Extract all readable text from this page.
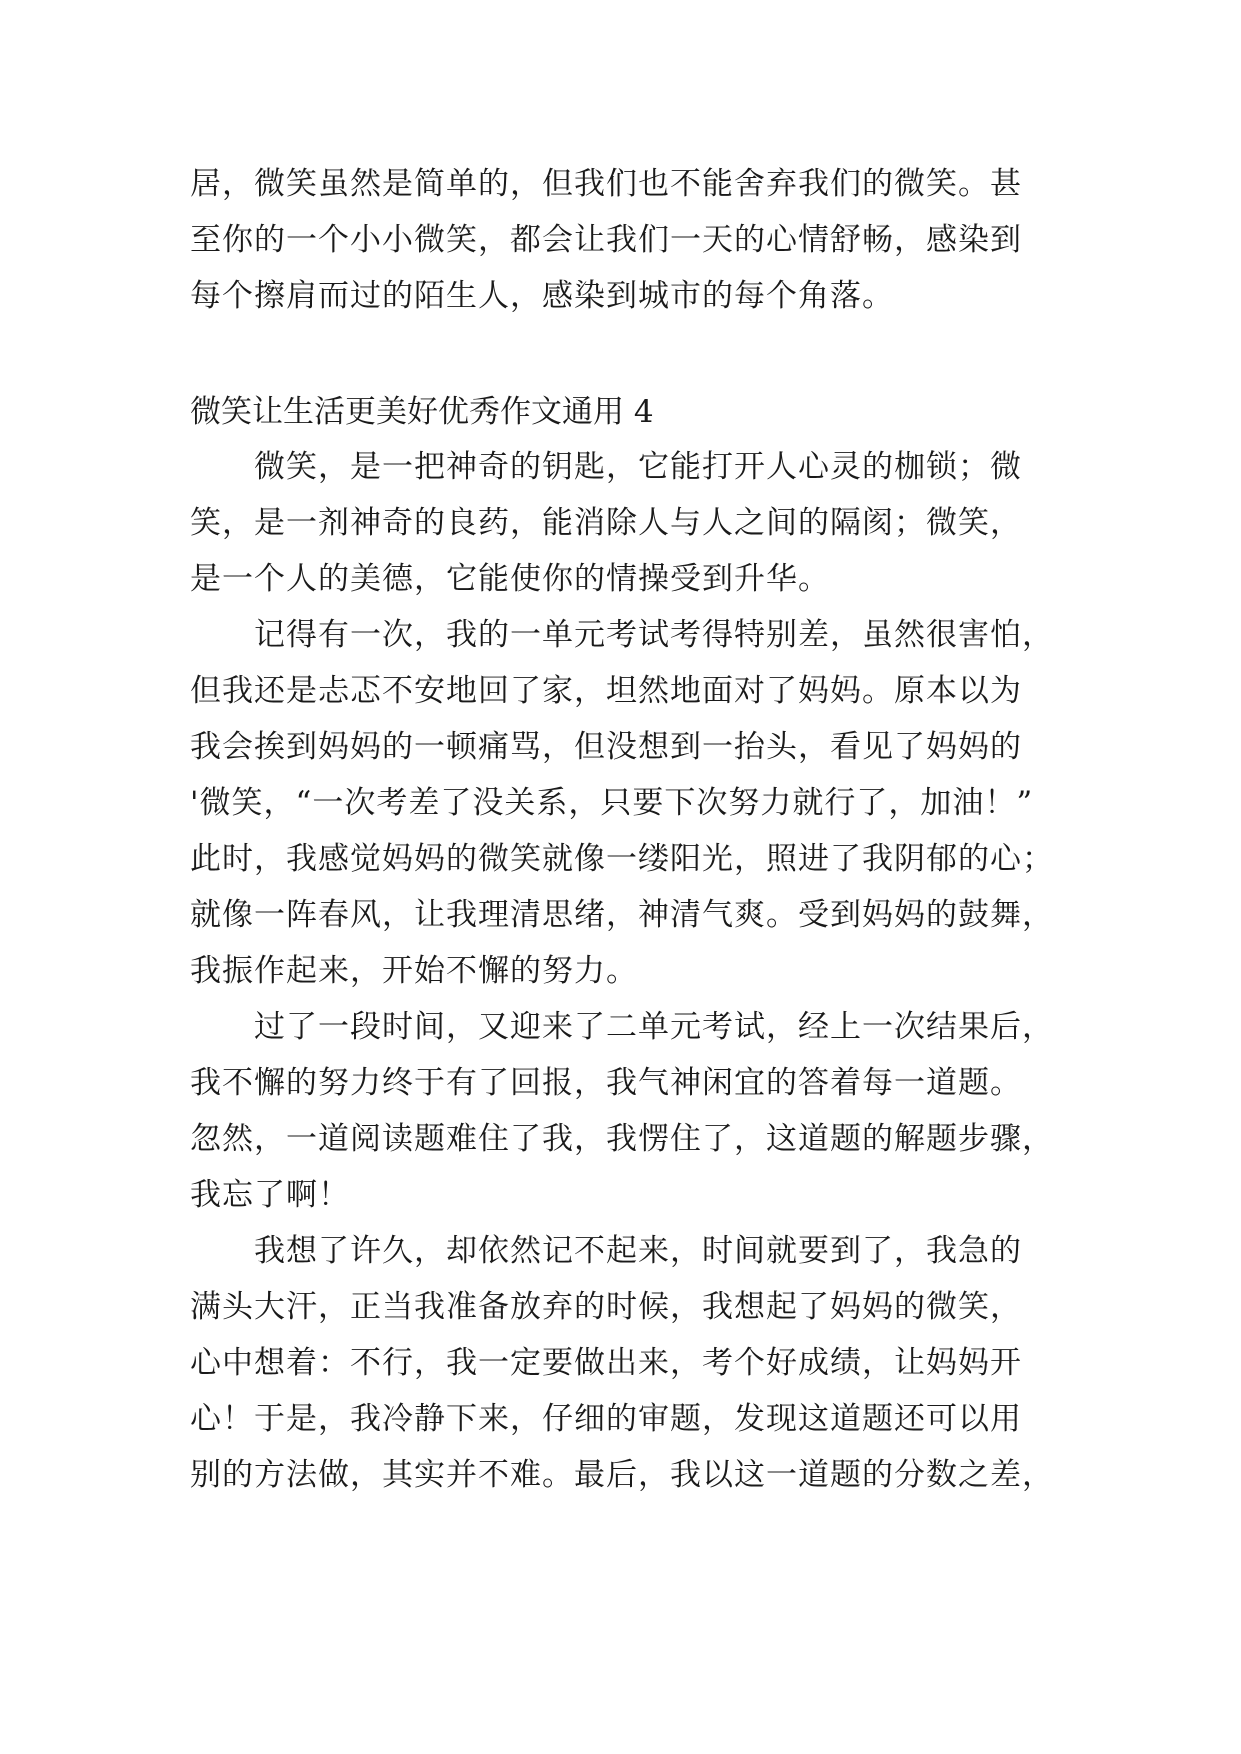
居，微笑虽然是简单的，但我们也不能舍弃我们的微笑。甚
至你的一个小小微笑，都会让我们一天的心情舒畅，感染到
每个擦肩而过的陌生人，感染到城市的每个角落。
微笑让生活更美好优秀作文通用 4
　　微笑，是一把神奇的钥匙，它能打开人心灵的枷锁；微
笑，是一剂神奇的良药，能消除人与人之间的隔阂；微笑，
是一个人的美德，它能使你的情操受到升华。
　　记得有一次，我的一单元考试考得特别差，虽然很害怕，
但我还是忐忑不安地回了家，坦然地面对了妈妈。原本以为
我会挨到妈妈的一顿痛骂，但没想到一抬头，看见了妈妈的
'微笑，“一次考差了没关系，只要下次努力就行了，加油！”
此时，我感觉妈妈的微笑就像一缕阳光，照进了我阴郁的心；
就像一阵春风，让我理清思绪，神清气爽。受到妈妈的鼓舞，
我振作起来，开始不懈的努力。
　　过了一段时间，又迎来了二单元考试，经上一次结果后，
我不懈的努力终于有了回报，我气神闲宜的答着每一道题。
忽然，一道阅读题难住了我，我愣住了，这道题的解题步骤，
我忘了啊！
　　我想了许久，却依然记不起来，时间就要到了，我急的
满头大汗，正当我准备放弃的时候，我想起了妈妈的微笑，
心中想着：不行，我一定要做出来，考个好成绩，让妈妈开
心！于是，我冷静下来，仔细的审题，发现这道题还可以用
别的方法做，其实并不难。最后，我以这一道题的分数之差，
